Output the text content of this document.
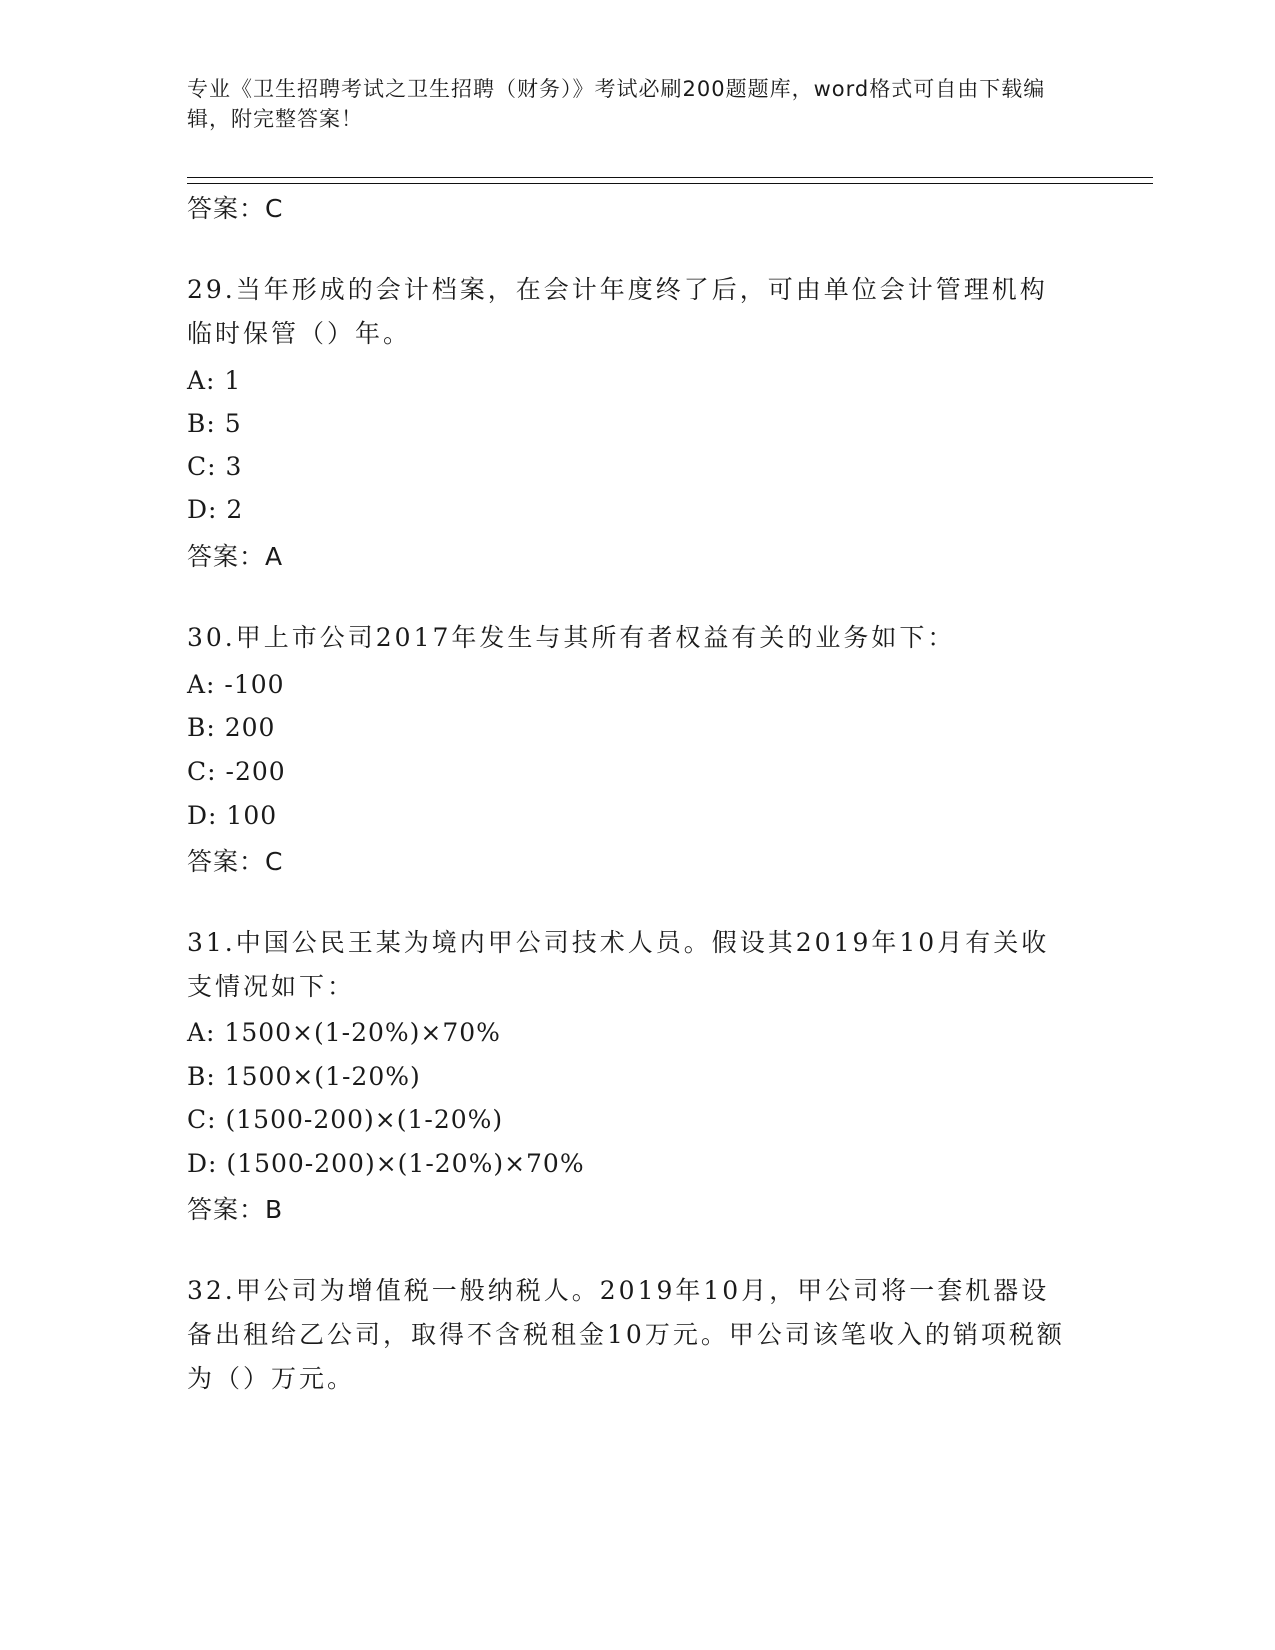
专业《卫生招聘考试之卫生招聘（财务）》考试必刷200题题库，word格式可自由下载编辑，附完整答案！
答案：C
29.当年形成的会计档案，在会计年度终了后，可由单位会计管理机构临时保管（）年。
A: 1
B: 5
C: 3
D: 2
答案：A
30.甲上市公司2017年发生与其所有者权益有关的业务如下：
A: -100
B: 200
C: -200
D: 100
答案：C
31.中国公民王某为境内甲公司技术人员。假设其2019年10月有关收支情况如下：
A: 1500×(1-20%)×70%
B: 1500×(1-20%)
C: (1500-200)×(1-20%)
D: (1500-200)×(1-20%)×70%
答案：B
32.甲公司为增值税一般纳税人。2019年10月，甲公司将一套机器设备出租给乙公司，取得不含税租金10万元。甲公司该笔收入的销项税额为（）万元。
